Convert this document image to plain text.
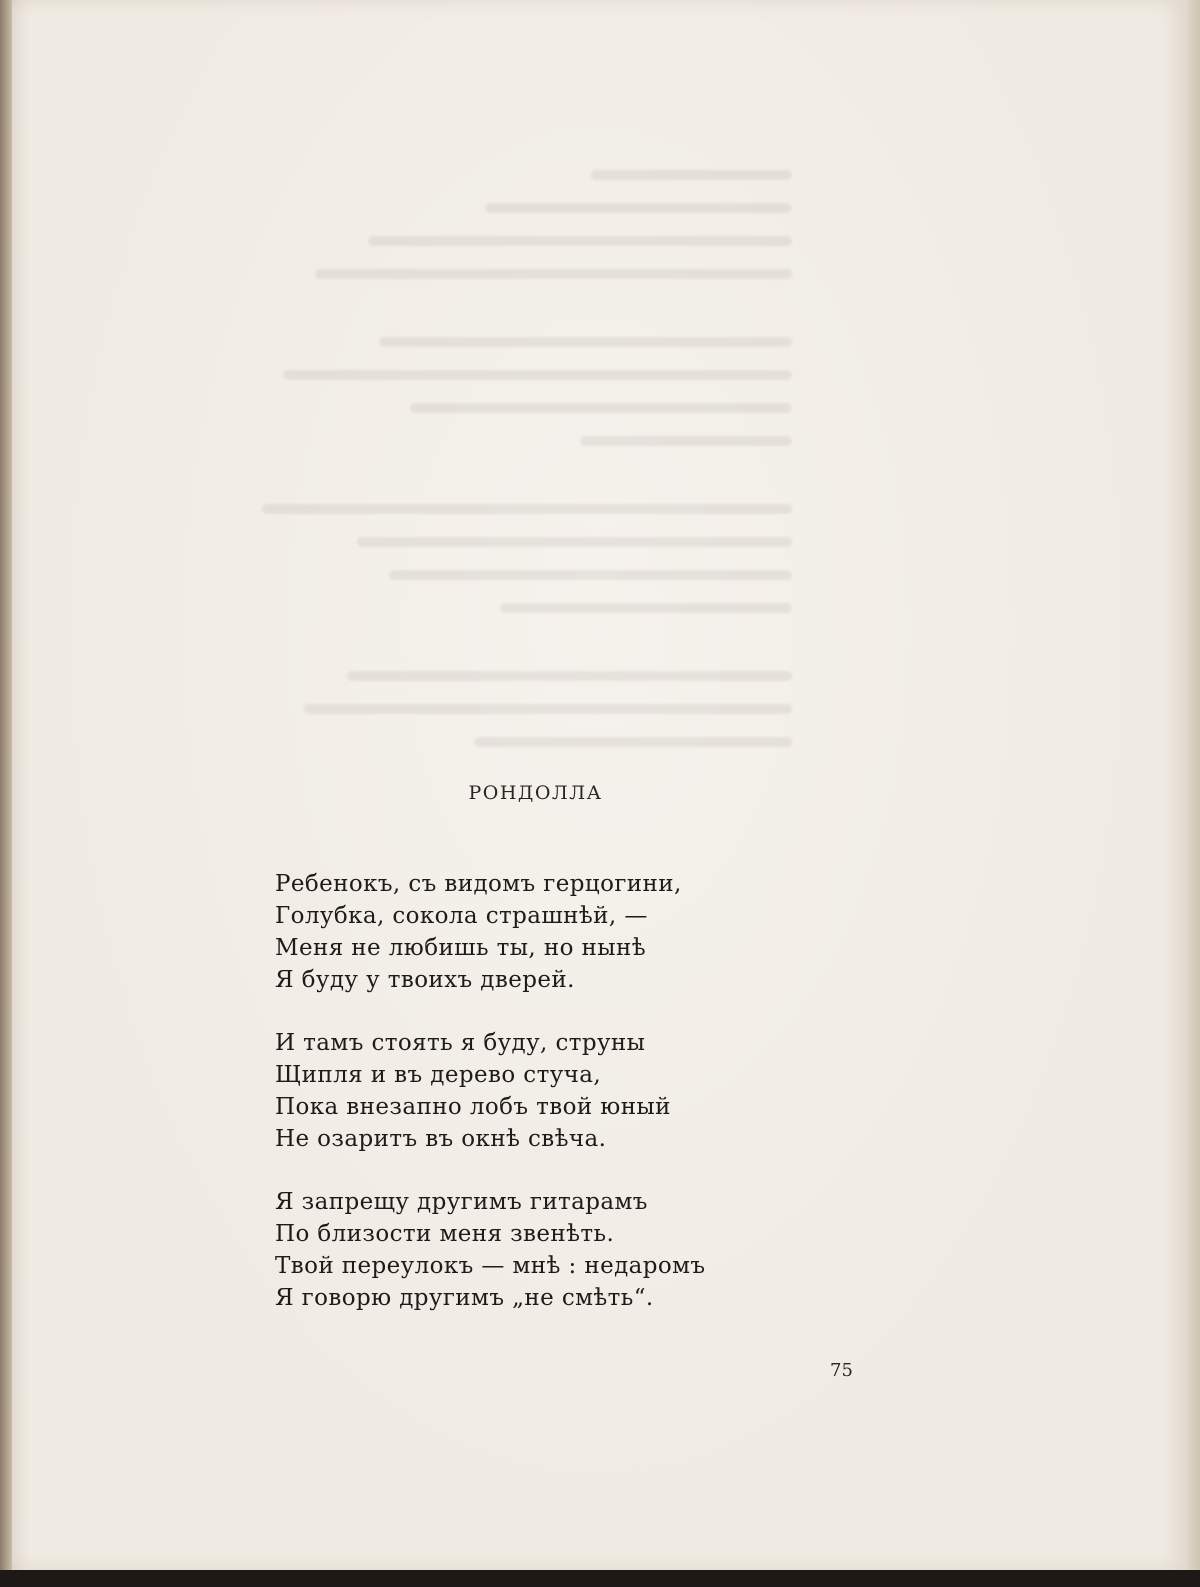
РОНДОЛЛА
Ребенокъ, съ видомъ герцогини,
Голубка, сокола страшнѣй, —
Меня не любишь ты, но нынѣ
Я буду у твоихъ дверей.
И тамъ стоять я буду, струны
Щипля и въ дерево стуча,
Пока внезапно лобъ твой юный
Не озаритъ въ окнѣ свѣча.
Я запрещу другимъ гитарамъ
По близости меня звенѣть.
Твой переулокъ — мнѣ : недаромъ
Я говорю другимъ „не смѣть“.
75
